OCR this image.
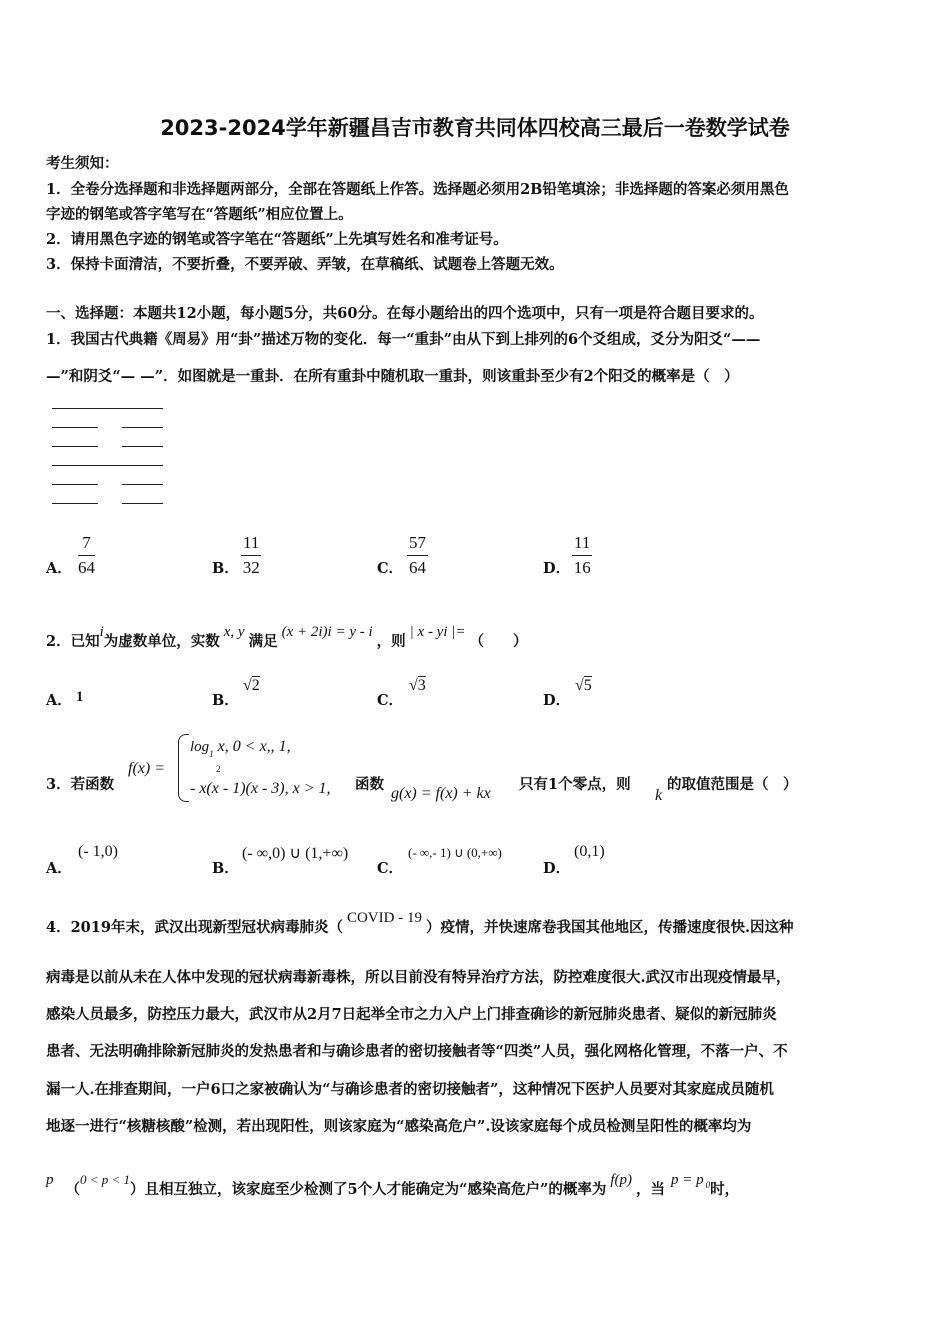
2023-2024学年新疆昌吉市教育共同体四校高三最后一卷数学试卷
考生须知：
1．全卷分选择题和非选择题两部分，全部在答题纸上作答。选择题必须用2B铅笔填涂；非选择题的答案必须用黑色
字迹的钢笔或答字笔写在“答题纸”相应位置上。
2．请用黑色字迹的钢笔或答字笔在“答题纸”上先填写姓名和准考证号。
3．保持卡面清洁，不要折叠，不要弄破、弄皱，在草稿纸、试题卷上答题无效。
一、选择题：本题共12小题，每小题5分，共60分。在每小题给出的四个选项中，只有一项是符合题目要求的。
1．我国古代典籍《周易》用“卦”描述万物的变化．每一“重卦”由从下到上排列的6个爻组成，爻分为阳爻“——
—”和阴爻“— —”．如图就是一重卦．在所有重卦中随机取一重卦，则该重卦至少有2个阳爻的概率是（　）
A． $\frac{7}{64}$	B． $\frac{11}{32}$	C． $\frac{57}{64}$	D． $\frac{11}{16}$
2．已知i为虚数单位，实数x, y满足(x + 2i)i = y - i，则| x - yi |=（　　）
A． 1	B．
√2
C．
√3
D．
√5
3．若函数
f(x) =
$\log_1 x$, 0 < x,, 1,
2
- x(x - 1)(x - 3), x > 1, 函数
g(x) = f(x) + kx
只有1个零点，则
k
的取值范围是（　）
A．
(- 1,0)
B．
(- ∞,0) ∪ (1,+∞)
C．
(- ∞,- 1) ∪ (0,+∞)
D．
(0,1)
4．2019年末，武汉出现新型冠状病毒肺炎（COVID - 19）疫情，并快速席卷我国其他地区，传播速度很快.因这种
病毒是以前从未在人体中发现的冠状病毒新毒株，所以目前没有特异治疗方法，防控难度很大.武汉市出现疫情最早，
感染人员最多，防控压力最大，武汉市从2月7日起举全市之力入户上门排查确诊的新冠肺炎患者、疑似的新冠肺炎
患者、无法明确排除新冠肺炎的发热患者和与确诊患者的密切接触者等“四类”人员，强化网格化管理，不落一户、不
漏一人.在排查期间，一户6口之家被确认为“与确诊患者的密切接触者”，这种情况下医护人员要对其家庭成员随机
地逐一进行“核糖核酸”检测，若出现阳性，则该家庭为“感染高危户”.设该家庭每个成员检测呈阳性的概率均为
p（0 < p < 1）且相互独立，该家庭至少检测了5个人才能确定为“感染高危户”的概率为f(p)，当p = p $^0$时，
